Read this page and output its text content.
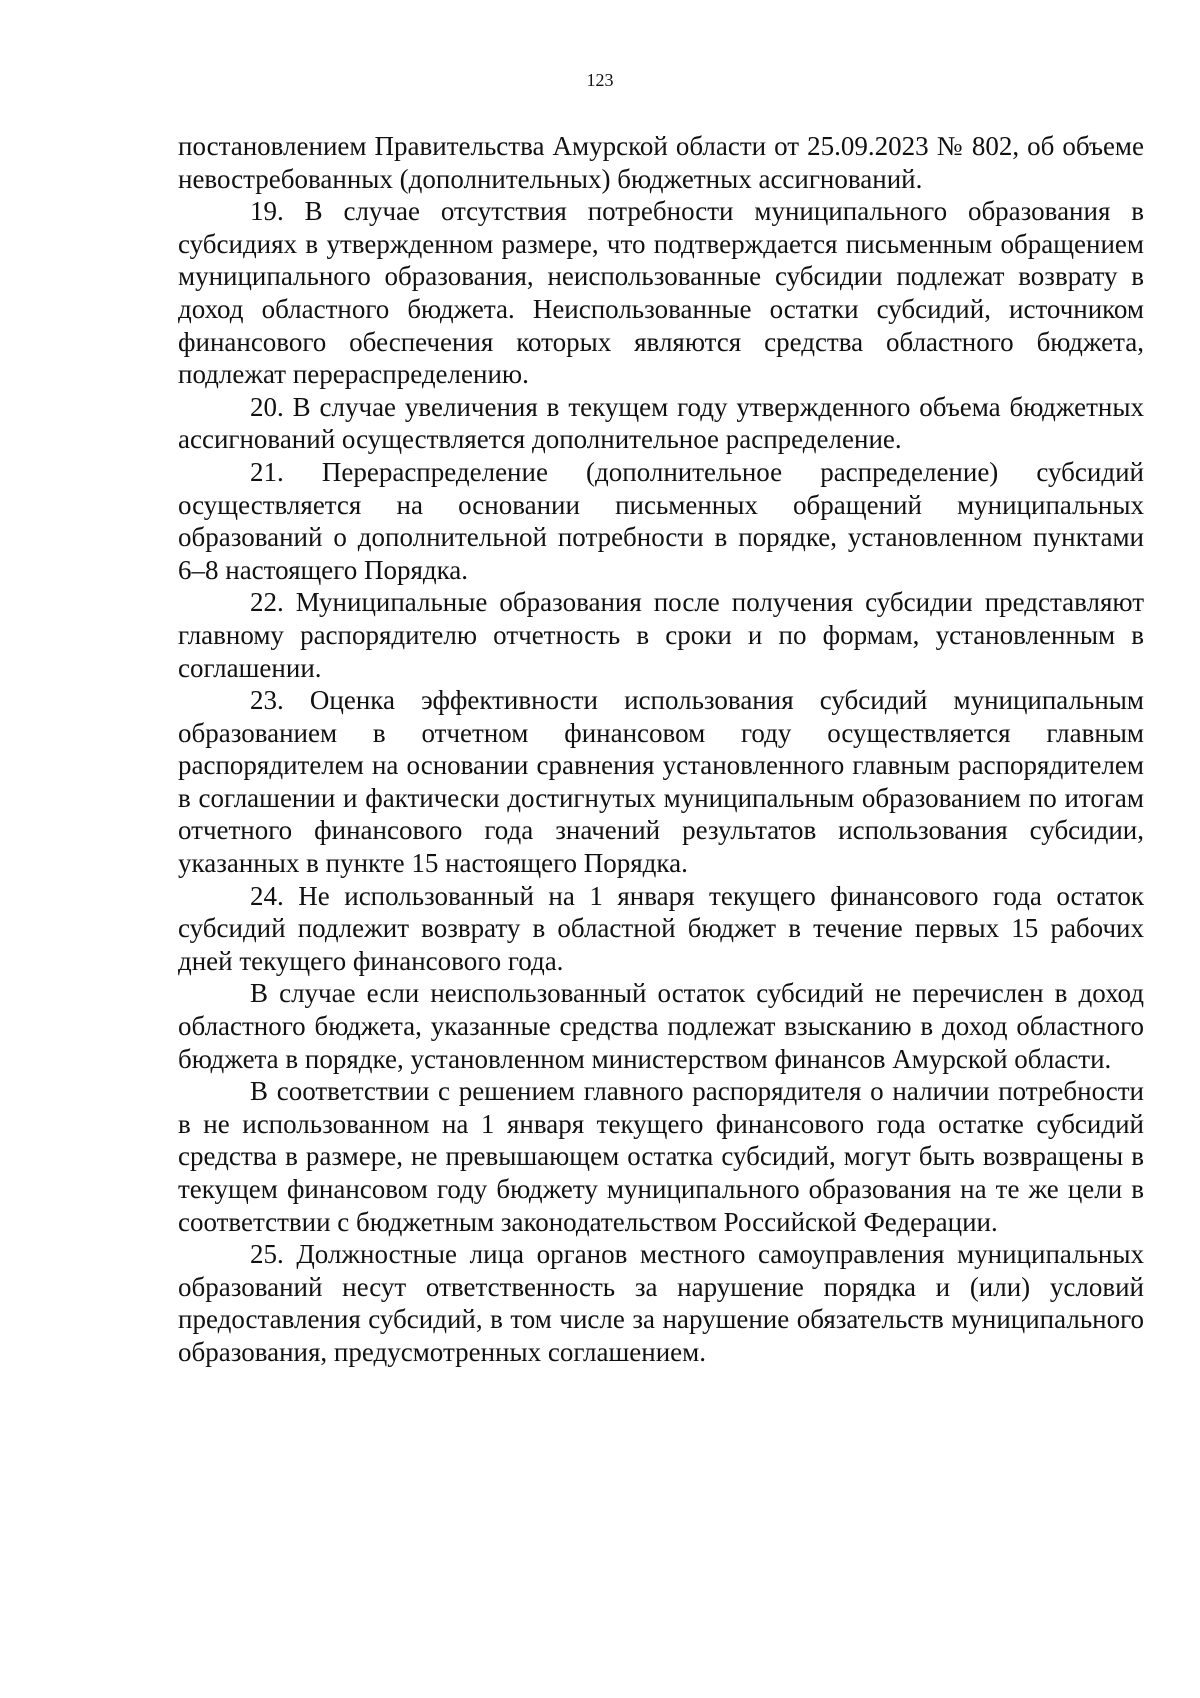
123

постановлением Правительства Амурской области от 25.09.2023 № 802, об объеме невостребованных (дополнительных) бюджетных ассигнований.

19. В случае отсутствия потребности муниципального образования в субсидиях в утвержденном размере, что подтверждается письменным обращением муниципального образования, неиспользованные субсидии подлежат возврату в доход областного бюджета. Неиспользованные остатки субсидий, источником финансового обеспечения которых являются средства областного бюджета, подлежат перераспределению.

20. В случае увеличения в текущем году утвержденного объема бюджетных ассигнований осуществляется дополнительное распределение.

21. Перераспределение (дополнительное распределение) субсидий осуществляется на основании письменных обращений муниципальных образований о дополнительной потребности в порядке, установленном пунктами 6–8 настоящего Порядка.

22. Муниципальные образования после получения субсидии представляют главному распорядителю отчетность в сроки и по формам, установленным в соглашении.

23. Оценка эффективности использования субсидий муниципальным образованием в отчетном финансовом году осуществляется главным распорядителем на основании сравнения установленного главным распорядителем в соглашении и фактически достигнутых муниципальным образованием по итогам отчетного финансового года значений результатов использования субсидии, указанных в пункте 15 настоящего Порядка.

24. Не использованный на 1 января текущего финансового года остаток субсидий подлежит возврату в областной бюджет в течение первых 15 рабочих дней текущего финансового года.

В случае если неиспользованный остаток субсидий не перечислен в доход областного бюджета, указанные средства подлежат взысканию в доход областного бюджета в порядке, установленном министерством финансов Амурской области.

В соответствии с решением главного распорядителя о наличии потребности в не использованном на 1 января текущего финансового года остатке субсидий средства в размере, не превышающем остатка субсидий, могут быть возвращены в текущем финансовом году бюджету муниципального образования на те же цели в соответствии с бюджетным законодательством Российской Федерации.

25. Должностные лица органов местного самоуправления муниципальных образований несут ответственность за нарушение порядка и (или) условий предоставления субсидий, в том числе за нарушение обязательств муниципального образования, предусмотренных соглашением.
